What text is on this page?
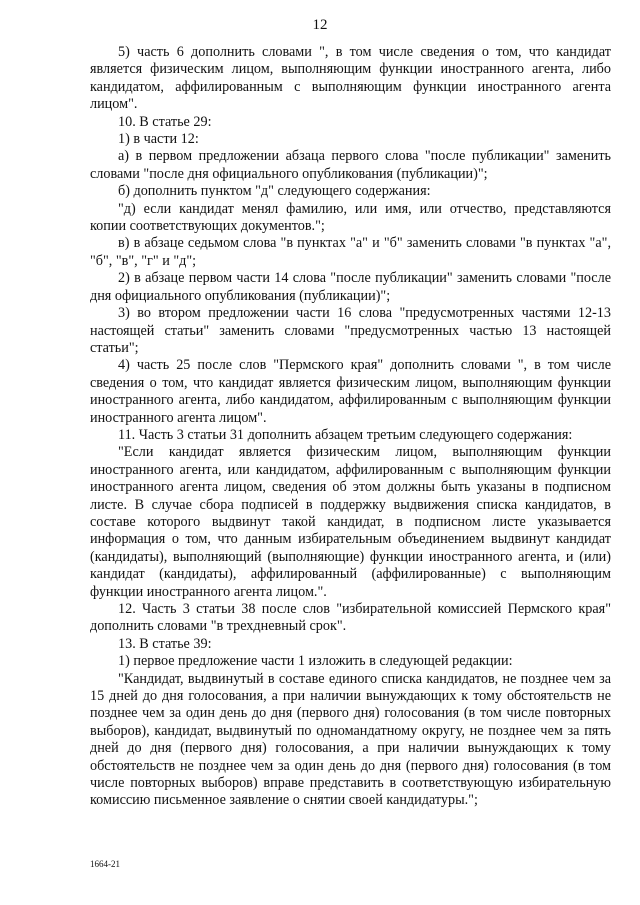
12

5) часть 6 дополнить словами ", в том числе сведения о том, что кандидат является физическим лицом, выполняющим функции иностранного агента, либо кандидатом, аффилированным с выполняющим функции иностранного агента лицом".

10. В статье 29:

1) в части 12:

а) в первом предложении абзаца первого слова "после публикации" заменить словами "после дня официального опубликования (публикации)";

б) дополнить пунктом "д" следующего содержания:

"д) если кандидат менял фамилию, или имя, или отчество, представляются копии соответствующих документов.";

в) в абзаце седьмом слова "в пунктах "а" и "б" заменить словами "в пунктах "а", "б", "в", "г" и "д";

2) в абзаце первом части 14 слова "после публикации" заменить словами "после дня официального опубликования (публикации)";

3) во втором предложении части 16 слова "предусмотренных частями 12-13 настоящей статьи" заменить словами "предусмотренных частью 13 настоящей статьи";

4) часть 25 после слов "Пермского края" дополнить словами ", в том числе сведения о том, что кандидат является физическим лицом, выполняющим функции иностранного агента, либо кандидатом, аффилированным с выполняющим функции иностранного агента лицом".

11. Часть 3 статьи 31 дополнить абзацем третьим следующего содержания:

"Если кандидат является физическим лицом, выполняющим функции иностранного агента, или кандидатом, аффилированным с выполняющим функции иностранного агента лицом, сведения об этом должны быть указаны в подписном листе. В случае сбора подписей в поддержку выдвижения списка кандидатов, в составе которого выдвинут такой кандидат, в подписном листе указывается информация о том, что данным избирательным объединением выдвинут кандидат (кандидаты), выполняющий (выполняющие) функции иностранного агента, и (или) кандидат (кандидаты), аффилированный (аффилированные) с выполняющим функции иностранного агента лицом.".

12. Часть 3 статьи 38 после слов "избирательной комиссией Пермского края" дополнить словами "в трехдневный срок".

13. В статье 39:

1) первое предложение части 1 изложить в следующей редакции:

"Кандидат, выдвинутый в составе единого списка кандидатов, не позднее чем за 15 дней до дня голосования, а при наличии вынуждающих к тому обстоятельств не позднее чем за один день до дня (первого дня) голосования (в том числе повторных выборов), кандидат, выдвинутый по одномандатному округу, не позднее чем за пять дней до дня (первого дня) голосования, а при наличии вынуждающих к тому обстоятельств не позднее чем за один день до дня (первого дня) голосования (в том числе повторных выборов) вправе представить в соответствующую избирательную комиссию письменное заявление о снятии своей кандидатуры.";

1664-21
